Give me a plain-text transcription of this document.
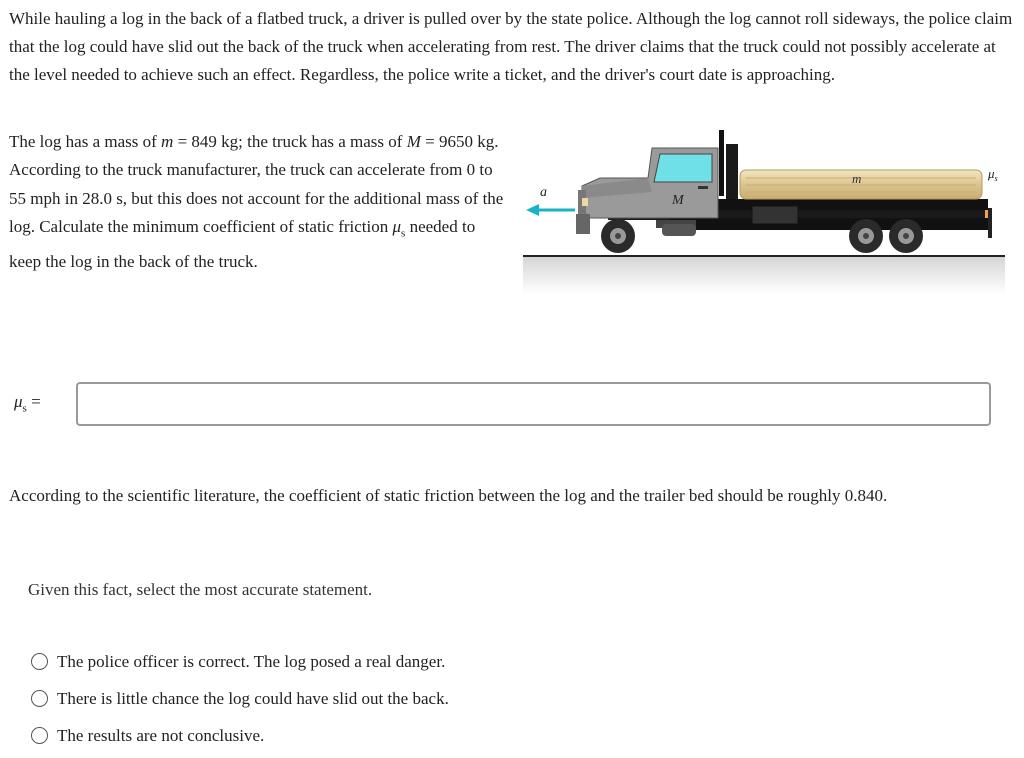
While hauling a log in the back of a flatbed truck, a driver is pulled over by the state police. Although the log cannot roll sideways, the police claim that the log could have slid out the back of the truck when accelerating from rest. The driver claims that the truck could not possibly accelerate at the level needed to achieve such an effect. Regardless, the police write a ticket, and the driver's court date is approaching.

The log has a mass of m = 849 kg; the truck has a mass of M = 9650 kg. According to the truck manufacturer, the truck can accelerate from 0 to 55 mph in 28.0 s, but this does not account for the additional mass of the log. Calculate the minimum coefficient of static friction $\mu_s$ needed to keep the log in the back of the truck.

a
M
m	$\mu_s$
$\mu_s$ =

According to the scientific literature, the coefficient of static friction between the log and the trailer bed should be roughly 0.840.

Given this fact, select the most accurate statement.

The police officer is correct. The log posed a real danger.
There is little chance the log could have slid out the back.
The results are not conclusive.
